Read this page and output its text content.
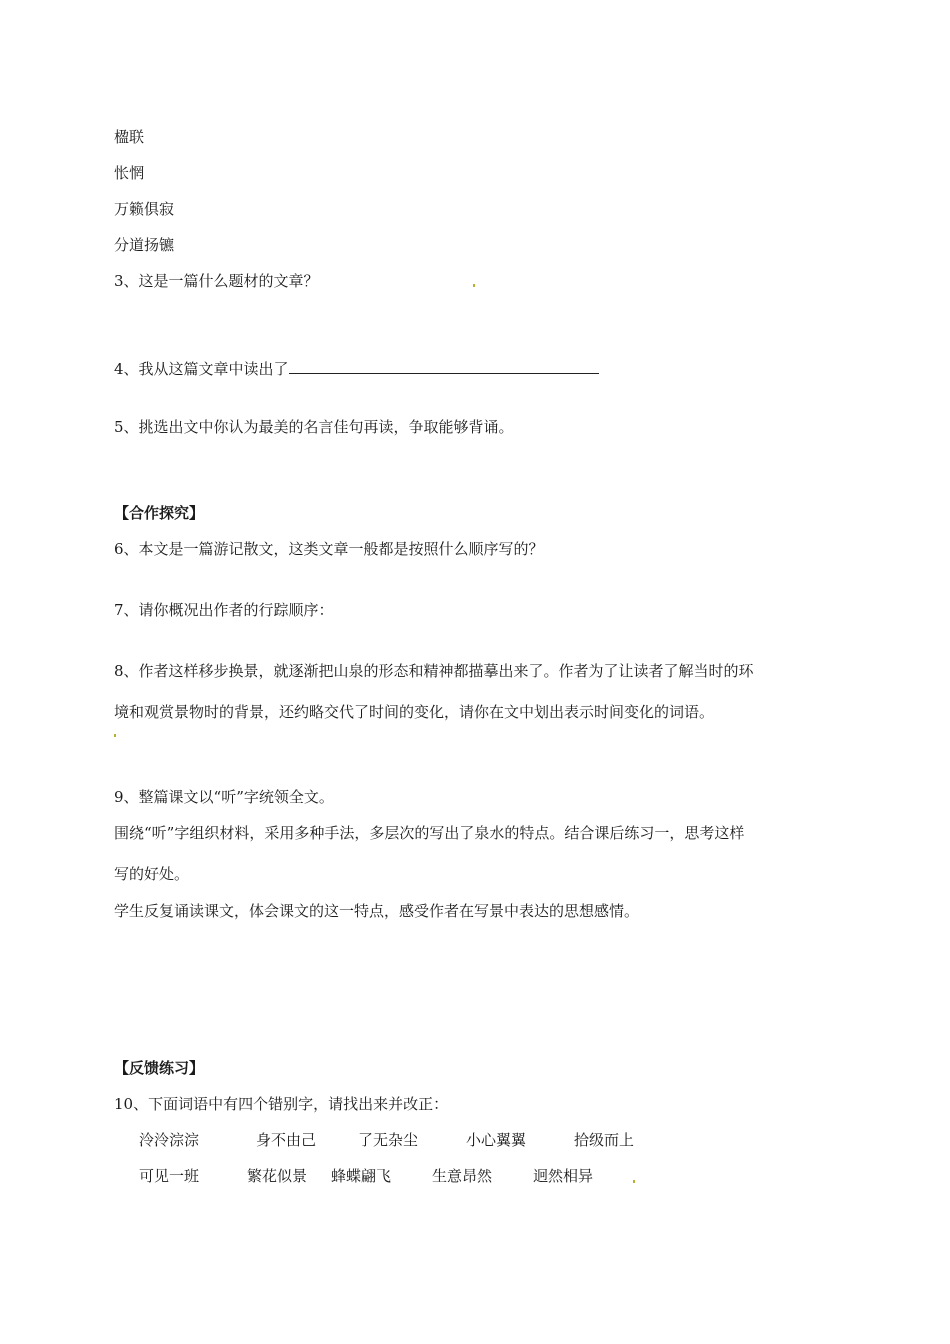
楹联
怅惘
万籁俱寂
分道扬镳
3、这是一篇什么题材的文章？
4、我从这篇文章中读出了
5、挑选出文中你认为最美的名言佳句再读，争取能够背诵。
【合作探究】
6、本文是一篇游记散文，这类文章一般都是按照什么顺序写的？
7、请你概况出作者的行踪顺序：
8、作者这样移步换景，就逐渐把山泉的形态和精神都描摹出来了。作者为了让读者了解当时的环
境和观赏景物时的背景，还约略交代了时间的变化，请你在文中划出表示时间变化的词语。
9、整篇课文以“听”字统领全文。
围绕“听”字组织材料，采用多种手法，多层次的写出了泉水的特点。结合课后练习一，思考这样
写的好处。
学生反复诵读课文，体会课文的这一特点，感受作者在写景中表达的思想感情。
【反馈练习】
10、下面词语中有四个错别字，请找出来并改正：
泠泠淙淙	身不由己	了无杂尘	小心翼翼	拾级而上
可见一班	繁花似景 蜂蝶翩飞	生意昂然	迥然相异
